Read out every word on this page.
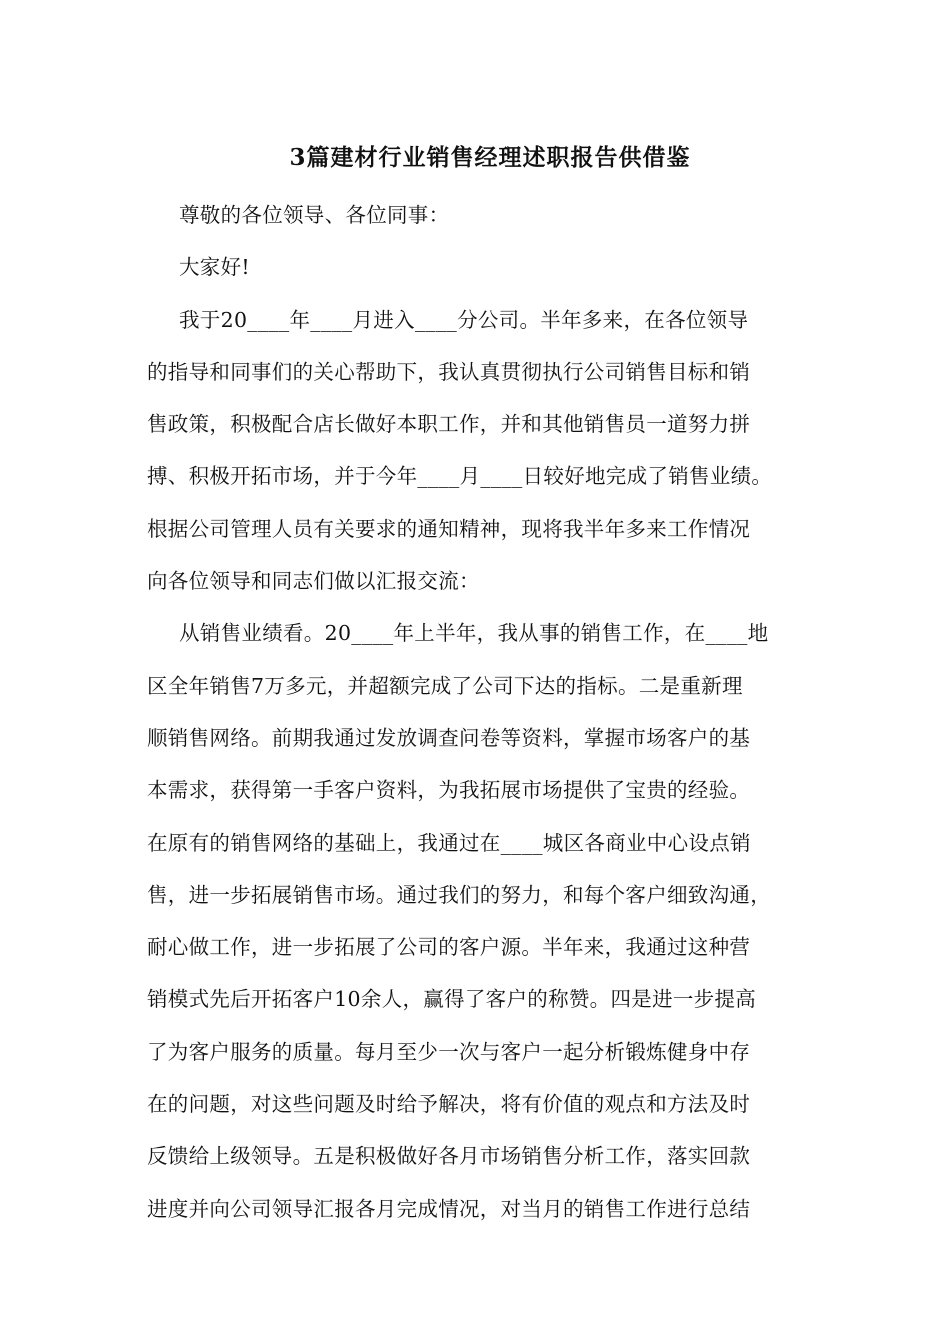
3篇建材行业销售经理述职报告供借鉴
尊敬的各位领导、各位同事：
大家好!
我于20____年____月进入____分公司。半年多来，在各位领导
的指导和同事们的关心帮助下，我认真贯彻执行公司销售目标和销
售政策，积极配合店长做好本职工作，并和其他销售员一道努力拼
搏、积极开拓市场，并于今年____月____日较好地完成了销售业绩。
根据公司管理人员有关要求的通知精神，现将我半年多来工作情况
向各位领导和同志们做以汇报交流：
从销售业绩看。20____年上半年，我从事的销售工作，在____地
区全年销售7万多元，并超额完成了公司下达的指标。二是重新理
顺销售网络。前期我通过发放调查问卷等资料，掌握市场客户的基
本需求，获得第一手客户资料，为我拓展市场提供了宝贵的经验。
在原有的销售网络的基础上，我通过在____城区各商业中心设点销
售，进一步拓展销售市场。通过我们的努力，和每个客户细致沟通，
耐心做工作，进一步拓展了公司的客户源。半年来，我通过这种营
销模式先后开拓客户10余人，赢得了客户的称赞。四是进一步提高
了为客户服务的质量。每月至少一次与客户一起分析锻炼健身中存
在的问题，对这些问题及时给予解决，将有价值的观点和方法及时
反馈给上级领导。五是积极做好各月市场销售分析工作，落实回款
进度并向公司领导汇报各月完成情况，对当月的销售工作进行总结
